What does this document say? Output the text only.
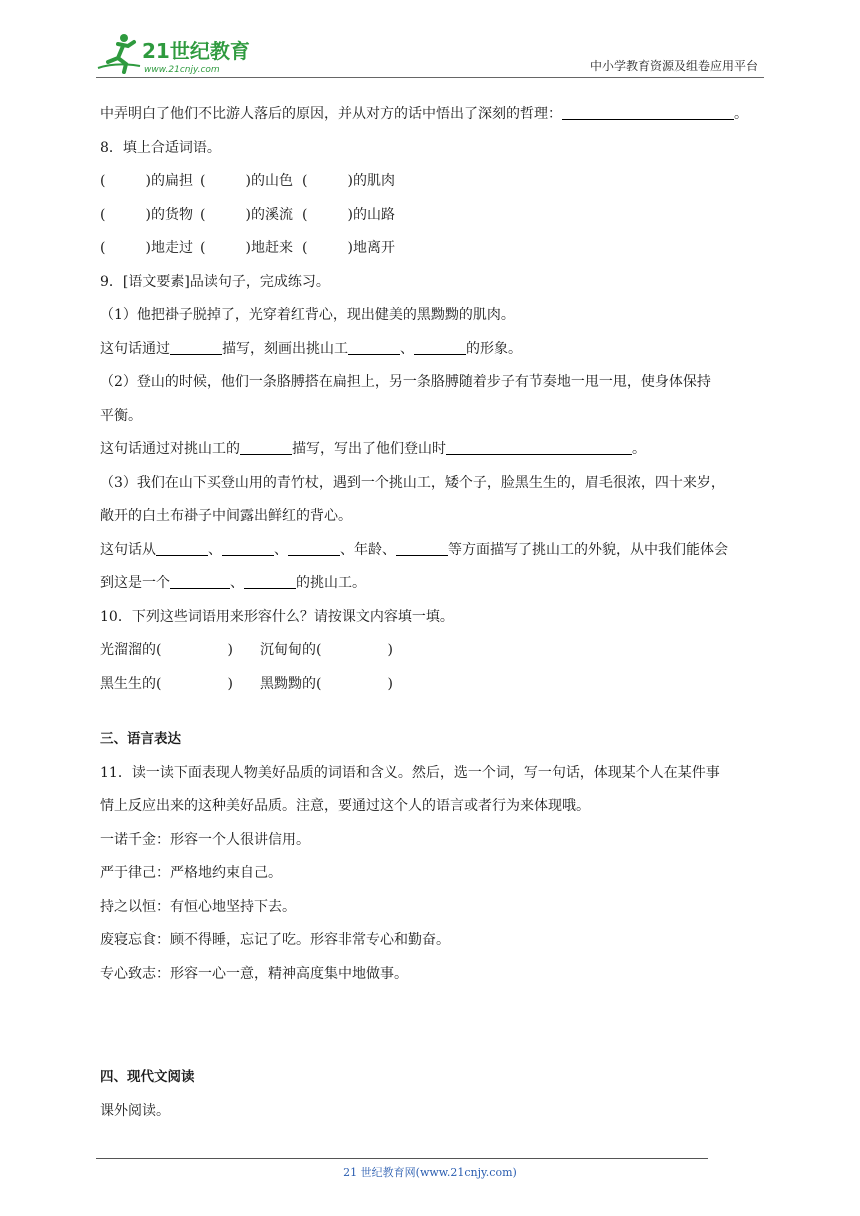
21世纪教育
www.21cnjy.com	中小学教育资源及组卷应用平台
中弄明白了他们不比游人落后的原因，并从对方的话中悟出了深刻的哲理：	。
8．填上合适词语。
(         )的扁担 (         )的山色 (         )的肌肉
(         )的货物 (         )的溪流 (         )的山路
(         )地走过 (         )地赶来 (         )地离开
9．[语文要素]品读句子，完成练习。
（1）他把褂子脱掉了，光穿着红背心，现出健美的黑黝黝的肌肉。
这句话通过	描写，刻画出挑山工	、	的形象。
（2）登山的时候，他们一条胳膊搭在扁担上，另一条胳膊随着步子有节奏地一甩一甩，使身体保持
平衡。
这句话通过对挑山工的	描写，写出了他们登山时	。
（3）我们在山下买登山用的青竹杖，遇到一个挑山工，矮个子，脸黑生生的，眉毛很浓，四十来岁，
敞开的白土布褂子中间露出鲜红的背心。
这句话从	、	、	、年龄、	等方面描写了挑山工的外貌，从中我们能体会
到这是一个	、	的挑山工。
10．下列这些词语用来形容什么？请按课文内容填一填。
光溜溜的(	) 沉甸甸的(	)
黑生生的(	) 黑黝黝的(	)
三、语言表达
11．读一读下面表现人物美好品质的词语和含义。然后，选一个词，写一句话，体现某个人在某件事
情上反应出来的这种美好品质。注意，要通过这个人的语言或者行为来体现哦。
一诺千金：形容一个人很讲信用。
严于律己：严格地约束自己。
持之以恒：有恒心地坚持下去。
废寝忘食：顾不得睡，忘记了吃。形容非常专心和勤奋。
专心致志：形容一心一意，精神高度集中地做事。
四、现代文阅读
课外阅读。
21 世纪教育网(www.21cnjy.com)
